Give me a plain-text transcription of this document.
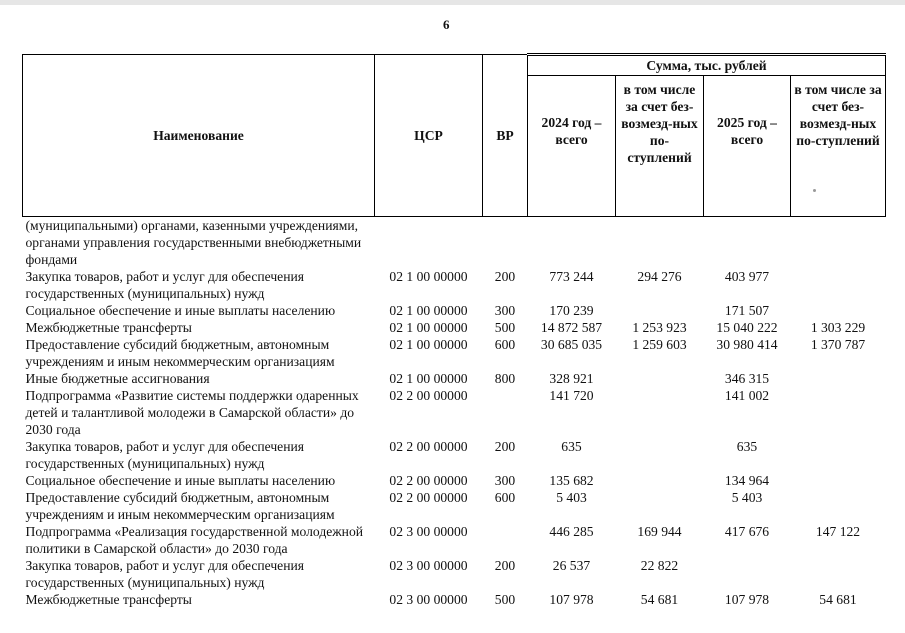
6
Наименование	ЦСР	ВР	Сумма, тыс. рублей			
			2024 год – всего	в том числе за счет без-возмезд-ных по-ступлений	2025 год – всего	в том числе за счет без-возмезд-ных по-ступлений
(муниципальными) органами, казенными учреждениями, органами управления государственными внебюджетными фондами						
Закупка товаров, работ и услуг для обеспечения государственных (муниципальных) нужд	02 1 00 00000	200	773 244	294 276	403 977	
Социальное обеспечение и иные выплаты населению	02 1 00 00000	300	170 239		171 507	
Межбюджетные трансферты	02 1 00 00000	500	14 872 587	1 253 923	15 040 222	1 303 229
Предоставление субсидий бюджетным, автономным учреждениям и иным некоммерческим организациям	02 1 00 00000	600	30 685 035	1 259 603	30 980 414	1 370 787
Иные бюджетные ассигнования	02 1 00 00000	800	328 921		346 315	
Подпрограмма «Развитие системы поддержки одаренных детей и талантливой молодежи в Самарской области» до 2030 года	02 2 00 00000		141 720		141 002	
Закупка товаров, работ и услуг для обеспечения государственных (муниципальных) нужд	02 2 00 00000	200	635		635	
Социальное обеспечение и иные выплаты населению	02 2 00 00000	300	135 682		134 964	
Предоставление субсидий бюджетным, автономным учреждениям и иным некоммерческим организациям	02 2 00 00000	600	5 403		5 403	
Подпрограмма «Реализация государственной молодежной политики в Самарской области» до 2030 года	02 3 00 00000		446 285	169 944	417 676	147 122
Закупка товаров, работ и услуг для обеспечения государственных (муниципальных) нужд	02 3 00 00000	200	26 537	22 822		
Межбюджетные трансферты	02 3 00 00000	500	107 978	54 681	107 978	54 681
